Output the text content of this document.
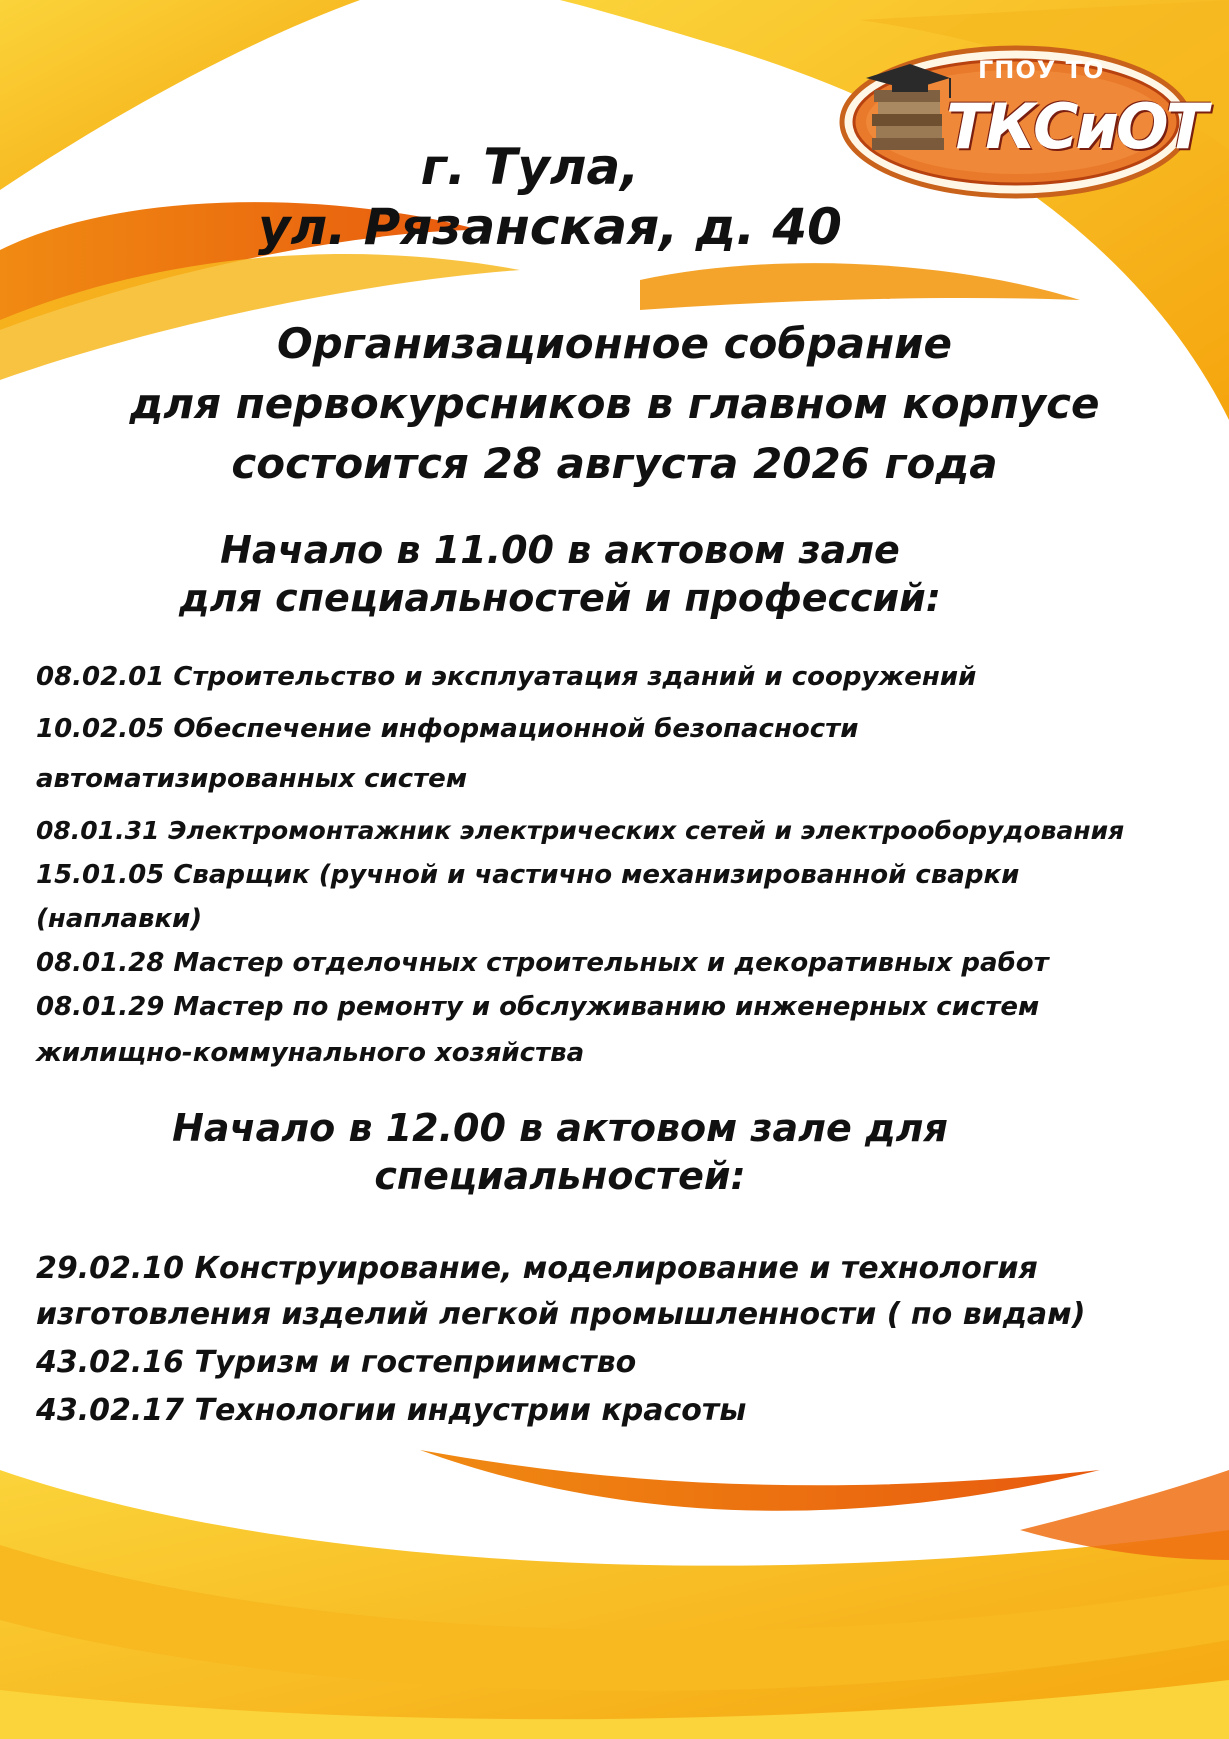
ГПОУ ТО
ТКСиОТ
г. Тула,
ул. Рязанская, д. 40
Организационное собрание
для первокурсников в главном корпусе
состоится 28 августа 2026 года
Начало в 11.00 в актовом зале
для специальностей и профессий:
08.02.01 Строительство и эксплуатация зданий и сооружений
10.02.05 Обеспечение информационной безопасности
автоматизированных систем
08.01.31 Электромонтажник электрических сетей и электрооборудования
15.01.05 Сварщик (ручной и частично механизированной сварки
(наплавки)
08.01.28 Мастер отделочных строительных и декоративных работ
08.01.29 Мастер по ремонту и обслуживанию инженерных систем
жилищно-коммунального хозяйства
Начало в 12.00 в актовом зале для
специальностей:
29.02.10 Конструирование, моделирование и технология
изготовления изделий легкой промышленности ( по видам)
43.02.16 Туризм и гостеприимство
43.02.17 Технологии индустрии красоты
